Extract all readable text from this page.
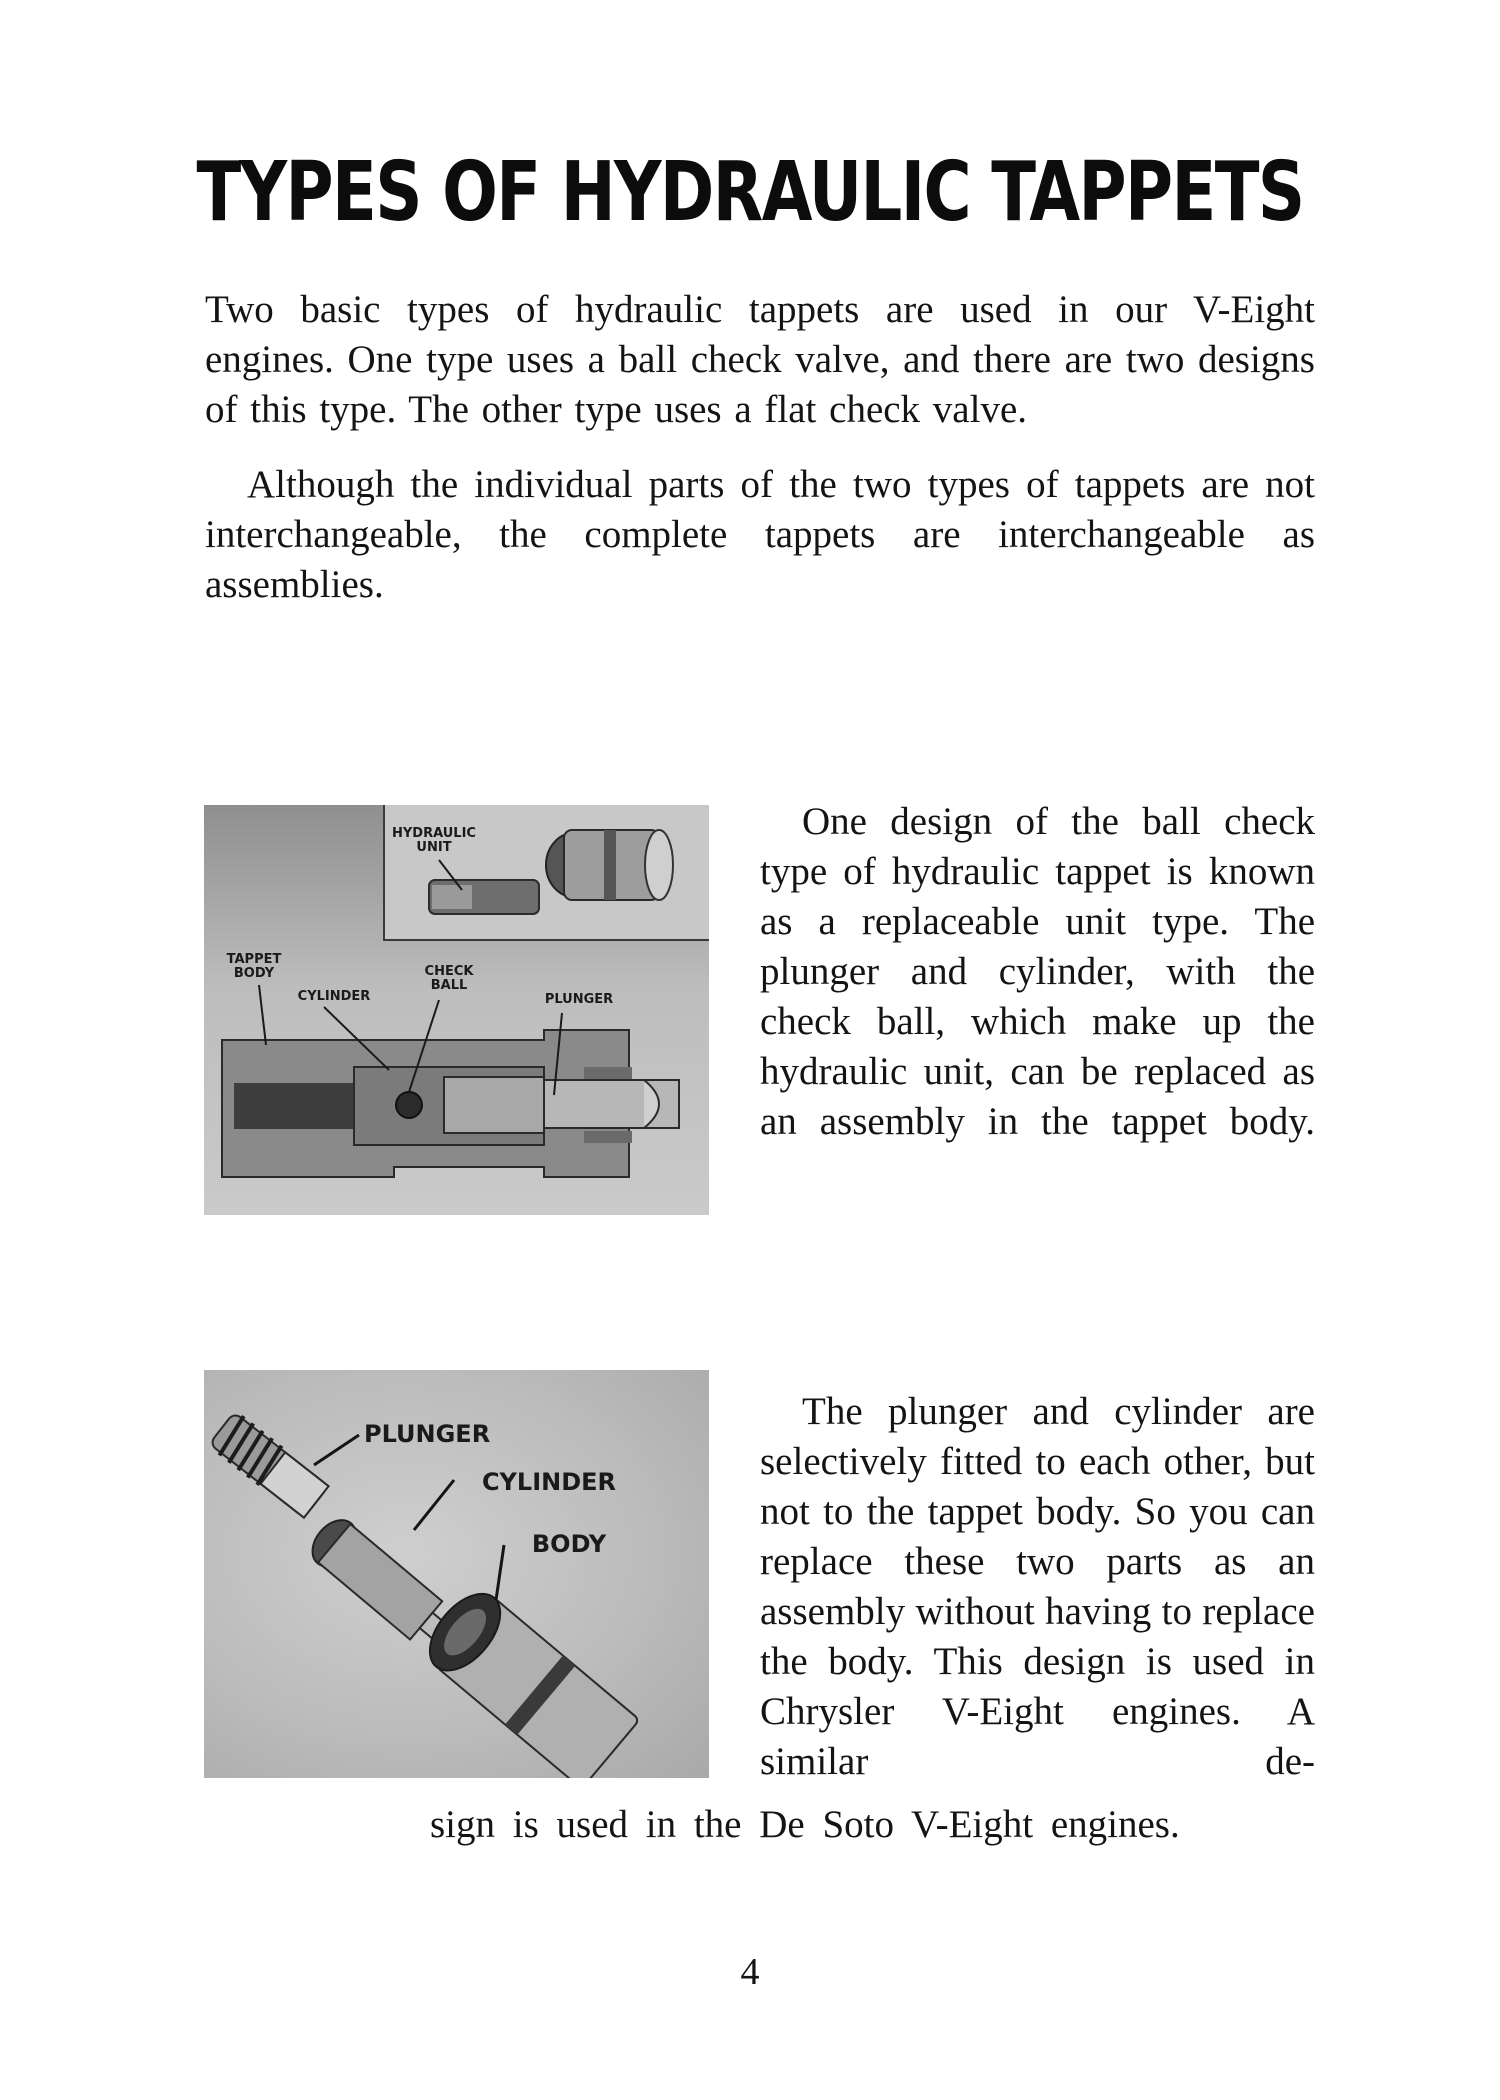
TYPES OF HYDRAULIC TAPPETS

Two basic types of hydraulic tappets are used in our V-Eight engines. One type uses a ball check valve, and there are two designs of this type. The other type uses a flat check valve.

Although the individual parts of the two types of tappets are not interchangeable, the complete tappets are interchangeable as assemblies.

HYDRAULIC UNIT

TAPPET BODY

CYLINDER

CHECK BALL

PLUNGER

One design of the ball check type of hydraulic tappet is known as a replaceable unit type. The plunger and cylinder, with the check ball, which make up the hydraulic unit, can be replaced as an assembly in the tappet body.

PLUNGER

CYLINDER

BODY

The plunger and cylinder are selectively fitted to each other, but not to the tappet body. So you can replace these two parts as an assembly without having to replace the body. This design is used in Chrysler V-Eight engines. A similar de-

sign is used in the De Soto V-Eight engines.

4
